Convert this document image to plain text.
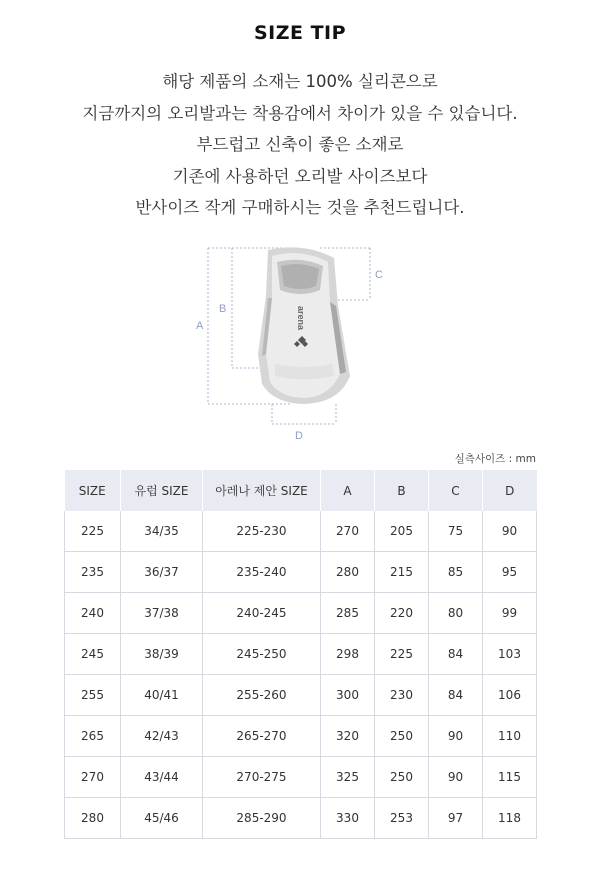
SIZE TIP
해당 제품의 소재는 100% 실리콘으로
지금까지의 오리발과는 착용감에서 차이가 있을 수 있습니다.
부드럽고 신축이 좋은 소재로
기존에 사용하던 오리발 사이즈보다
반사이즈 작게 구매하시는 것을 추천드립니다.
arena
A
B
C
D
실측사이즈 : mm
SIZE	유럽 SIZE	아레나 제안 SIZE	A	B	C	D
225	34/35	225-230	270	205	75	90
235	36/37	235-240	280	215	85	95
240	37/38	240-245	285	220	80	99
245	38/39	245-250	298	225	84	103
255	40/41	255-260	300	230	84	106
265	42/43	265-270	320	250	90	110
270	43/44	270-275	325	250	90	115
280	45/46	285-290	330	253	97	118
